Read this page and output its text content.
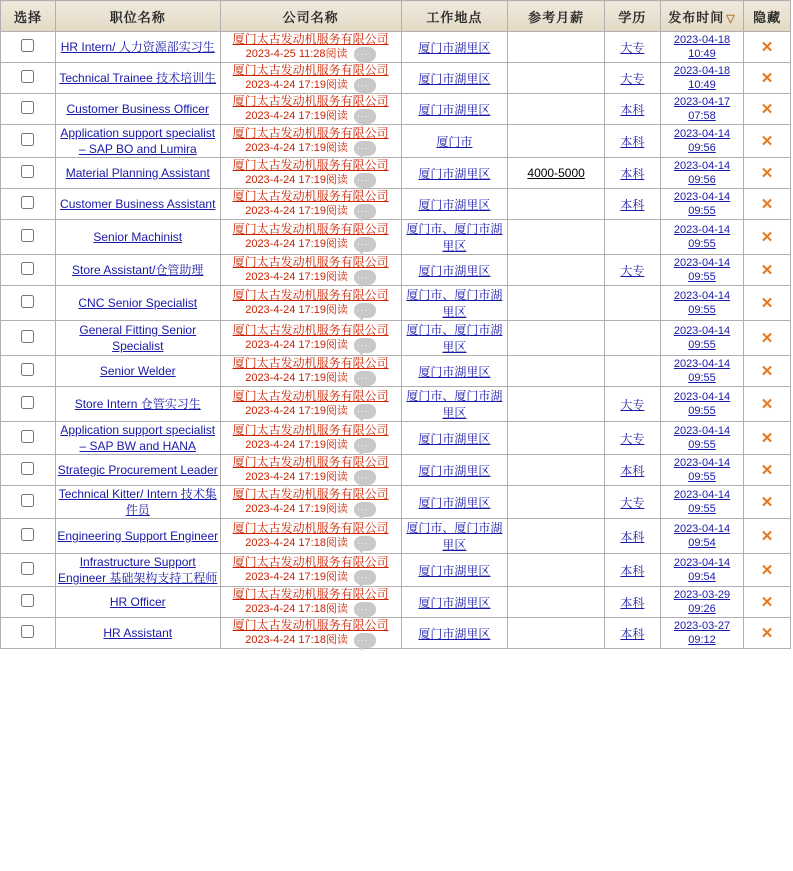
选择	职位名称	公司名称	工作地点	参考月薪	学历	发布时间 ▽	隐藏
	HR Intern/ 人力资源部实习生	厦门太古发动机服务有限公司
2023-4-25 11:28阅读 ···	厦门市湖里区		大专	2023-04-18 10:49	✕
	Technical Trainee 技术培训生	厦门太古发动机服务有限公司
2023-4-24 17:19阅读 ···	厦门市湖里区		大专	2023-04-18 10:49	✕
	Customer Business Officer	厦门太古发动机服务有限公司
2023-4-24 17:19阅读 ···	厦门市湖里区		本科	2023-04-17 07:58	✕
	Application support specialist – SAP BO and Lumira	厦门太古发动机服务有限公司
2023-4-24 17:19阅读 ···	厦门市		本科	2023-04-14 09:56	✕
	Material Planning Assistant	厦门太古发动机服务有限公司
2023-4-24 17:19阅读 ···	厦门市湖里区	4000-5000	本科	2023-04-14 09:56	✕
	Customer Business Assistant	厦门太古发动机服务有限公司
2023-4-24 17:19阅读 ···	厦门市湖里区		本科	2023-04-14 09:55	✕
	Senior Machinist	厦门太古发动机服务有限公司
2023-4-24 17:19阅读 ···	厦门市、厦门市湖里区			2023-04-14 09:55	✕
	Store Assistant/仓管助理	厦门太古发动机服务有限公司
2023-4-24 17:19阅读 ···	厦门市湖里区		大专	2023-04-14 09:55	✕
	CNC Senior Specialist	厦门太古发动机服务有限公司
2023-4-24 17:19阅读 ···	厦门市、厦门市湖里区			2023-04-14 09:55	✕
	General Fitting Senior Specialist	厦门太古发动机服务有限公司
2023-4-24 17:19阅读 ···	厦门市、厦门市湖里区			2023-04-14 09:55	✕
	Senior Welder	厦门太古发动机服务有限公司
2023-4-24 17:19阅读 ···	厦门市湖里区			2023-04-14 09:55	✕
	Store Intern 仓管实习生	厦门太古发动机服务有限公司
2023-4-24 17:19阅读 ···	厦门市、厦门市湖里区		大专	2023-04-14 09:55	✕
	Application support specialist – SAP BW and HANA	厦门太古发动机服务有限公司
2023-4-24 17:19阅读 ···	厦门市湖里区		大专	2023-04-14 09:55	✕
	Strategic Procurement Leader	厦门太古发动机服务有限公司
2023-4-24 17:19阅读 ···	厦门市湖里区		本科	2023-04-14 09:55	✕
	Technical Kitter/ Intern 技术集件员	厦门太古发动机服务有限公司
2023-4-24 17:19阅读 ···	厦门市湖里区		大专	2023-04-14 09:55	✕
	Engineering Support Engineer	厦门太古发动机服务有限公司
2023-4-24 17:18阅读 ···	厦门市、厦门市湖里区		本科	2023-04-14 09:54	✕
	Infrastructure Support Engineer 基础架构支持工程师	厦门太古发动机服务有限公司
2023-4-24 17:19阅读 ···	厦门市湖里区		本科	2023-04-14 09:54	✕
	HR Officer	厦门太古发动机服务有限公司
2023-4-24 17:18阅读 ···	厦门市湖里区		本科	2023-03-29 09:26	✕
	HR Assistant	厦门太古发动机服务有限公司
2023-4-24 17:18阅读 ···	厦门市湖里区		本科	2023-03-27 09:12	✕
